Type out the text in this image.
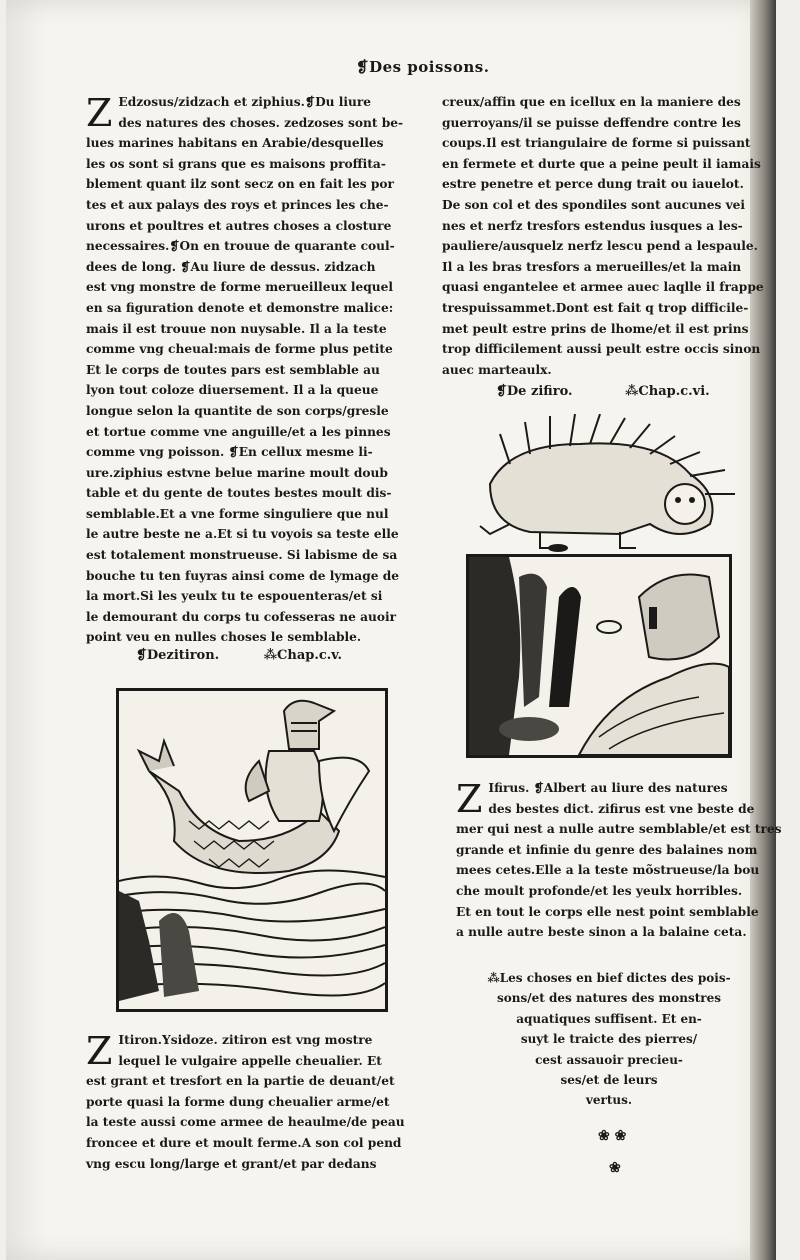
❡Des poissons.
Z Edzosus/zidzach et ziphius.❡Du liure

des natures des choses. zedzoses sont be-

lues marines habitans en Arabie/desquelles

les os sont si grans que es maisons proffita-

blement quant ilz sont secz on en fait les por

tes et aux palays des roys et princes les che-

urons et poultres et autres choses a closture

necessaires.❡On en trouue de quarante coul-

dees de long. ❡Au liure de dessus. zidzach

est vng monstre de forme merueilleux lequel

en sa figuration denote et demonstre malice:

mais il est trouue non nuysable. Il a la teste

comme vng cheual:mais de forme plus petite

Et le corps de toutes pars est semblable au

lyon tout coloze diuersement. Il a la queue

longue selon la quantite de son corps/gresle

et tortue comme vne anguille/et a les pinnes

comme vng poisson. ❡En cellux mesme li-

ure.ziphius estvne belue marine moult doub

table et du gente de toutes bestes moult dis-

semblable.Et a vne forme singuliere que nul

le autre beste ne a.Et si tu voyois sa teste elle

est totalement monstrueuse. Si labisme de sa

bouche tu ten fuyras ainsi come de lymage de

la mort.Si les yeulx tu te espouenteras/et si

le demourant du corps tu cofesseras ne auoir

point veu en nulles choses le semblable.

❡Dezitiron.	⁂Chap.c.v.
Z Itiron.Ysidoze. zitiron est vng mostre

lequel le vulgaire appelle cheualier. Et

est grant et tresfort en la partie de deuant/et

porte quasi la forme dung cheualier arme/et

la teste aussi come armee de heaulme/de peau

froncee et dure et moult ferme.A son col pend

vng escu long/large et grant/et par dedans

creux/affin que en icellux en la maniere des

guerroyans/il se puisse deffendre contre les

coups.Il est triangulaire de forme si puissant

en fermete et durte que a peine peult il iamais

estre penetre et perce dung trait ou iauelot.

De son col et des spondiles sont aucunes vei

nes et nerfz tresfors estendus iusques a les-

pauliere/ausquelz nerfz lescu pend a lespaule.

Il a les bras tresfors a merueilles/et la main

quasi engantelee et armee auec laqlle il frappe

trespuissammet.Dont est fait q trop difficile-

met peult estre prins de lhome/et il est prins

trop difficilement aussi peult estre occis sinon

auec marteaulx.

❡De zifiro.	⁂Chap.c.vi.
Z Ifirus. ❡Albert au liure des natures

des bestes dict. zifirus est vne beste de

mer qui nest a nulle autre semblable/et est tres

grande et infinie du genre des balaines nom

mees cetes.Elle a la teste mõstrueuse/la bou

che moult profonde/et les yeulx horribles.

Et en tout le corps elle nest point semblable

a nulle autre beste sinon a la balaine ceta.

⁂Les choses en bief dictes des pois-

sons/et des natures des monstres

aquatiques suffisent. Et en-

suyt le traicte des pierres/

cest assauoir precieu-

ses/et de leurs

vertus.

❀ ❀
❀
